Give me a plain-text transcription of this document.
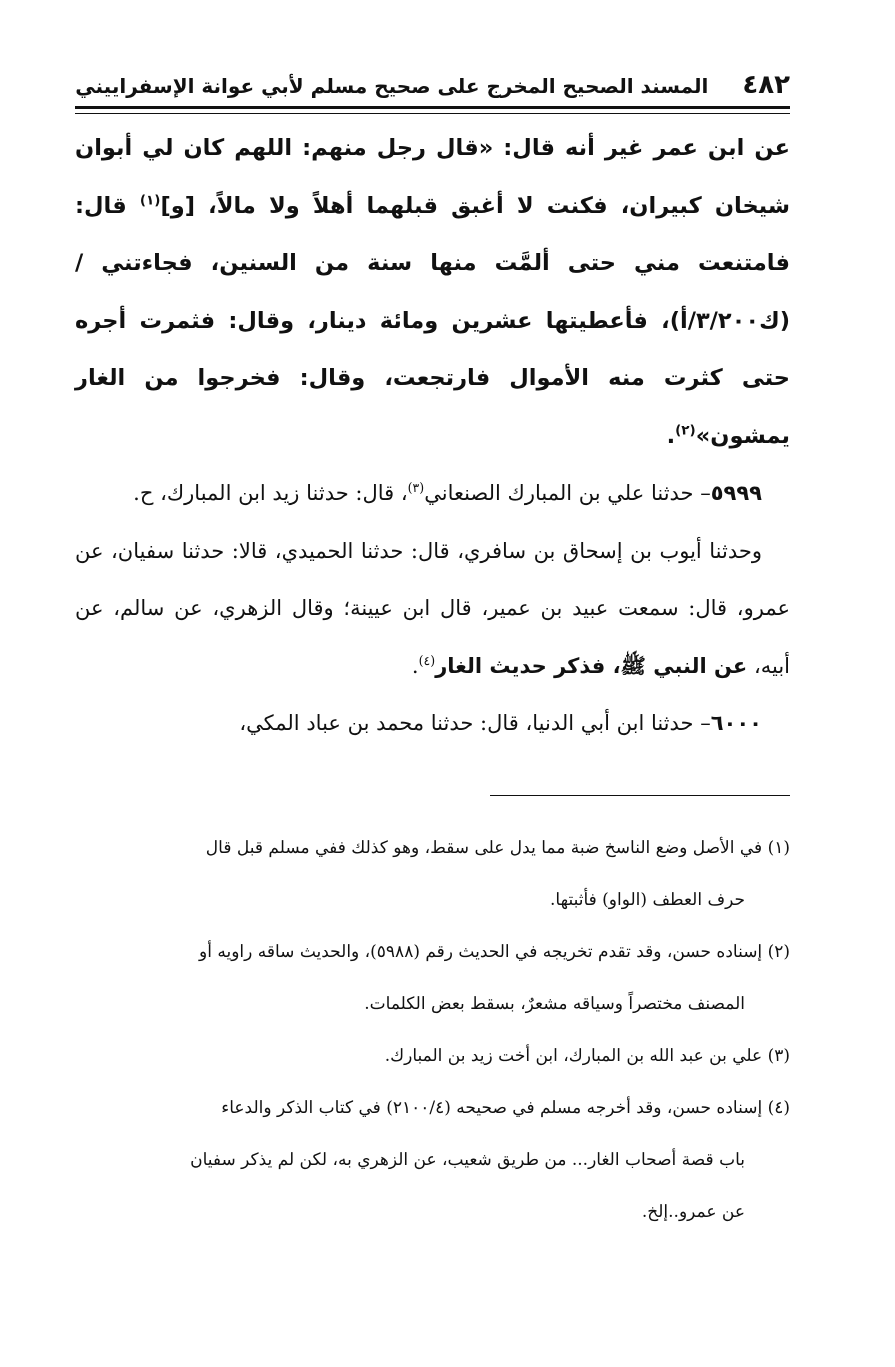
٤٨٢
المسند الصحيح المخرج على صحيح مسلم لأبي عوانة الإسفراييني

عن ابن عمر غير أنه قال: «قال رجل منهم: اللهم كان لي أبوان شيخان كبيران، فكنت لا أغبق قبلهما أهلاً ولا مالاً، [و]$^{(١)}$ قال: فامتنعت مني حتى ألمَّت منها سنة من السنين، فجاءتني / (ك٣/٢٠٠/أ)، فأعطيتها عشرين ومائة دينار، وقال: فثمرت أجره حتى كثرت منه الأموال فارتجعت، وقال: فخرجوا من الغار يمشون»$^{(٢)}$.

٥٩٩٩– حدثنا علي بن المبارك الصنعاني$^{(٣)}$، قال: حدثنا زيد ابن المبارك، ح.

وحدثنا أيوب بن إسحاق بن سافري، قال: حدثنا الحميدي، قالا: حدثنا سفيان، عن عمرو، قال: سمعت عبيد بن عمير، قال ابن عيينة؛ وقال الزهري، عن سالم، عن أبيه، عن النبي ﷺ، فذكر حديث الغار$^{(٤)}$.

٦٠٠٠– حدثنا ابن أبي الدنيا، قال: حدثنا محمد بن عباد المكي،

(١) في الأصل وضع الناسخ ضبة مما يدل على سقط، وهو كذلك ففي مسلم قبل قال
حرف العطف (الواو) فأثبتها.

(٢) إسناده حسن، وقد تقدم تخريجه في الحديث رقم (٥٩٨٨)، والحديث ساقه راويه أو
المصنف مختصراً وسياقه مشعرٌ، بسقط بعض الكلمات.

(٣) علي بن عبد الله بن المبارك، ابن أخت زيد بن المبارك.

(٤) إسناده حسن، وقد أخرجه مسلم في صحيحه (٢١٠٠/٤) في كتاب الذكر والدعاء
باب قصة أصحاب الغار... من طريق شعيب، عن الزهري به، لكن لم يذكر سفيان
عن عمرو..إلخ.
